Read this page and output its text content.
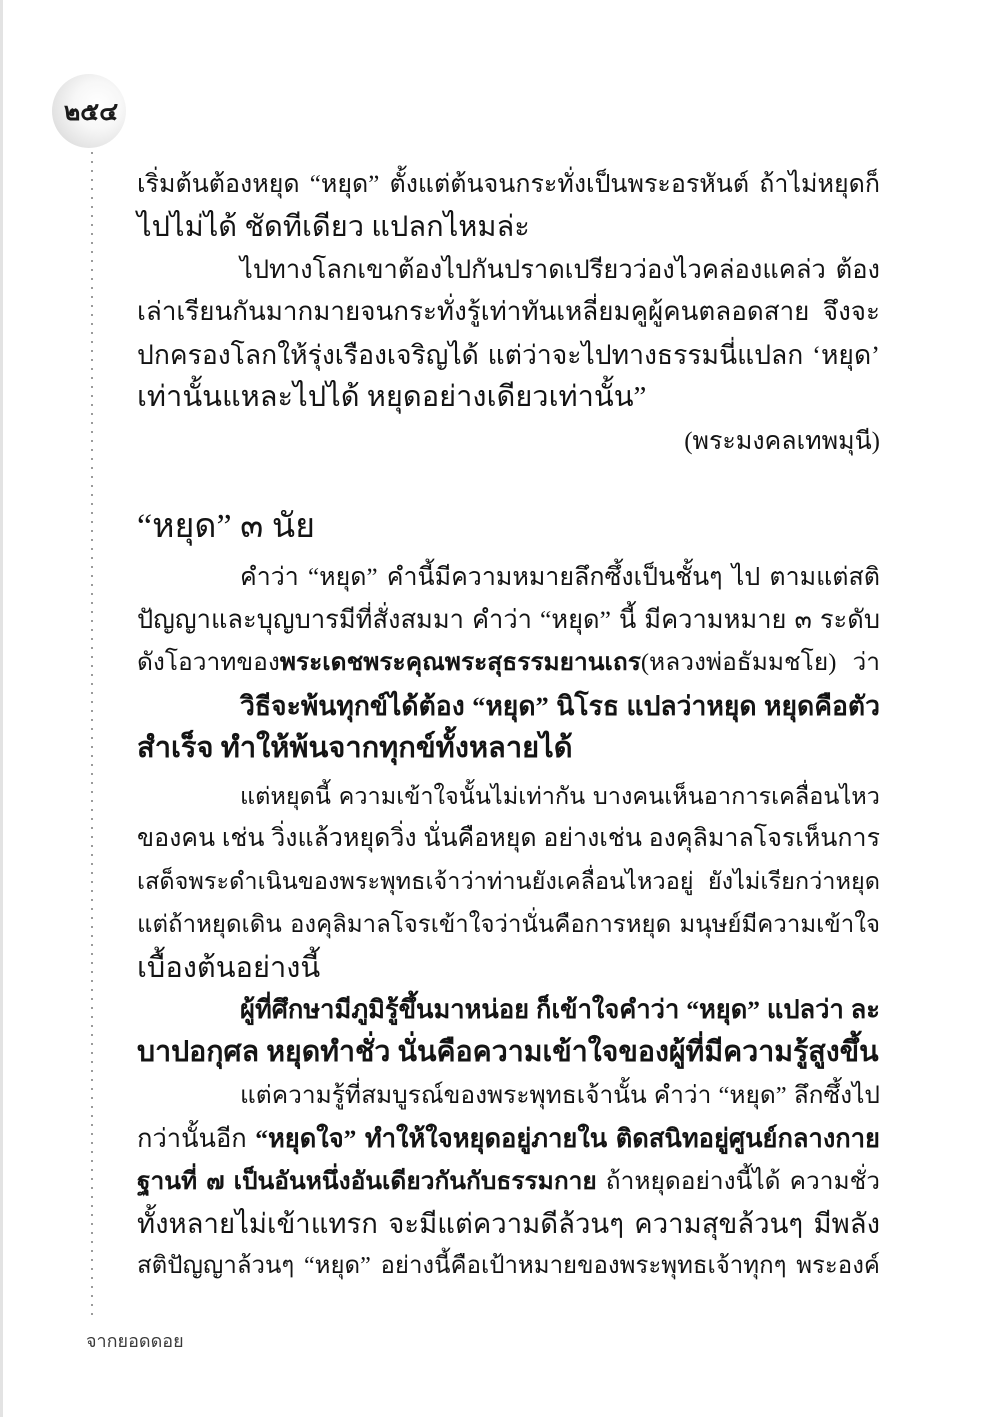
๒๕๔
เริ่มต้นต้องหยุด “หยุด” ตั้งแต่ต้นจนกระทั่งเป็นพระอรหันต์ ถ้าไม่หยุดก็
ไปไม่ได้ ชัดทีเดียว แปลกไหมล่ะ
ไปทางโลกเขาต้องไปกันปราดเปรียวว่องไวคล่องแคล่ว ต้อง
เล่าเรียนกันมากมายจนกระทั่งรู้เท่าทันเหลี่ยมคูผู้คนตลอดสาย จึงจะ
ปกครองโลกให้รุ่งเรืองเจริญได้ แต่ว่าจะไปทางธรรมนี่แปลก ‘หยุด’
เท่านั้นแหละไปได้ หยุดอย่างเดียวเท่านั้น”
(พระมงคลเทพมุนี)
“หยุด” ๓ นัย
คำว่า “หยุด” คำนี้มีความหมายลึกซึ้งเป็นชั้นๆ ไป ตามแต่สติ
ปัญญาและบุญบารมีที่สั่งสมมา คำว่า “หยุด” นี้ มีความหมาย ๓ ระดับ
ดังโอวาทของพระเดชพระคุณพระสุธรรมยานเถร(หลวงพ่อธัมมชโย) ว่า
วิธีจะพ้นทุกข์ได้ต้อง “หยุด” นิโรธ แปลว่าหยุด หยุดคือตัว
สำเร็จ ทำให้พ้นจากทุกข์ทั้งหลายได้
แต่หยุดนี้ ความเข้าใจนั้นไม่เท่ากัน บางคนเห็นอาการเคลื่อนไหว
ของคน เช่น วิ่งแล้วหยุดวิ่ง นั่นคือหยุด อย่างเช่น องคุลิมาลโจรเห็นการ
เสด็จพระดำเนินของพระพุทธเจ้าว่าท่านยังเคลื่อนไหวอยู่ ยังไม่เรียกว่าหยุด
แต่ถ้าหยุดเดิน องคุลิมาลโจรเข้าใจว่านั่นคือการหยุด มนุษย์มีความเข้าใจ
เบื้องต้นอย่างนี้
ผู้ที่ศึกษามีภูมิรู้ขึ้นมาหน่อย ก็เข้าใจคำว่า “หยุด” แปลว่า ละ
บาปอกุศล หยุดทำชั่ว นั่นคือความเข้าใจของผู้ที่มีความรู้สูงขึ้น
แต่ความรู้ที่สมบูรณ์ของพระพุทธเจ้านั้น คำว่า “หยุด” ลึกซึ้งไป
กว่านั้นอีก “หยุดใจ” ทำให้ใจหยุดอยู่ภายใน ติดสนิทอยู่ศูนย์กลางกาย
ฐานที่ ๗ เป็นอันหนึ่งอันเดียวกันกับธรรมกาย ถ้าหยุดอย่างนี้ได้ ความชั่ว
ทั้งหลายไม่เข้าแทรก จะมีแต่ความดีล้วนๆ ความสุขล้วนๆ มีพลัง
สติปัญญาล้วนๆ “หยุด” อย่างนี้คือเป้าหมายของพระพุทธเจ้าทุกๆ พระองค์
จากยอดดอย
